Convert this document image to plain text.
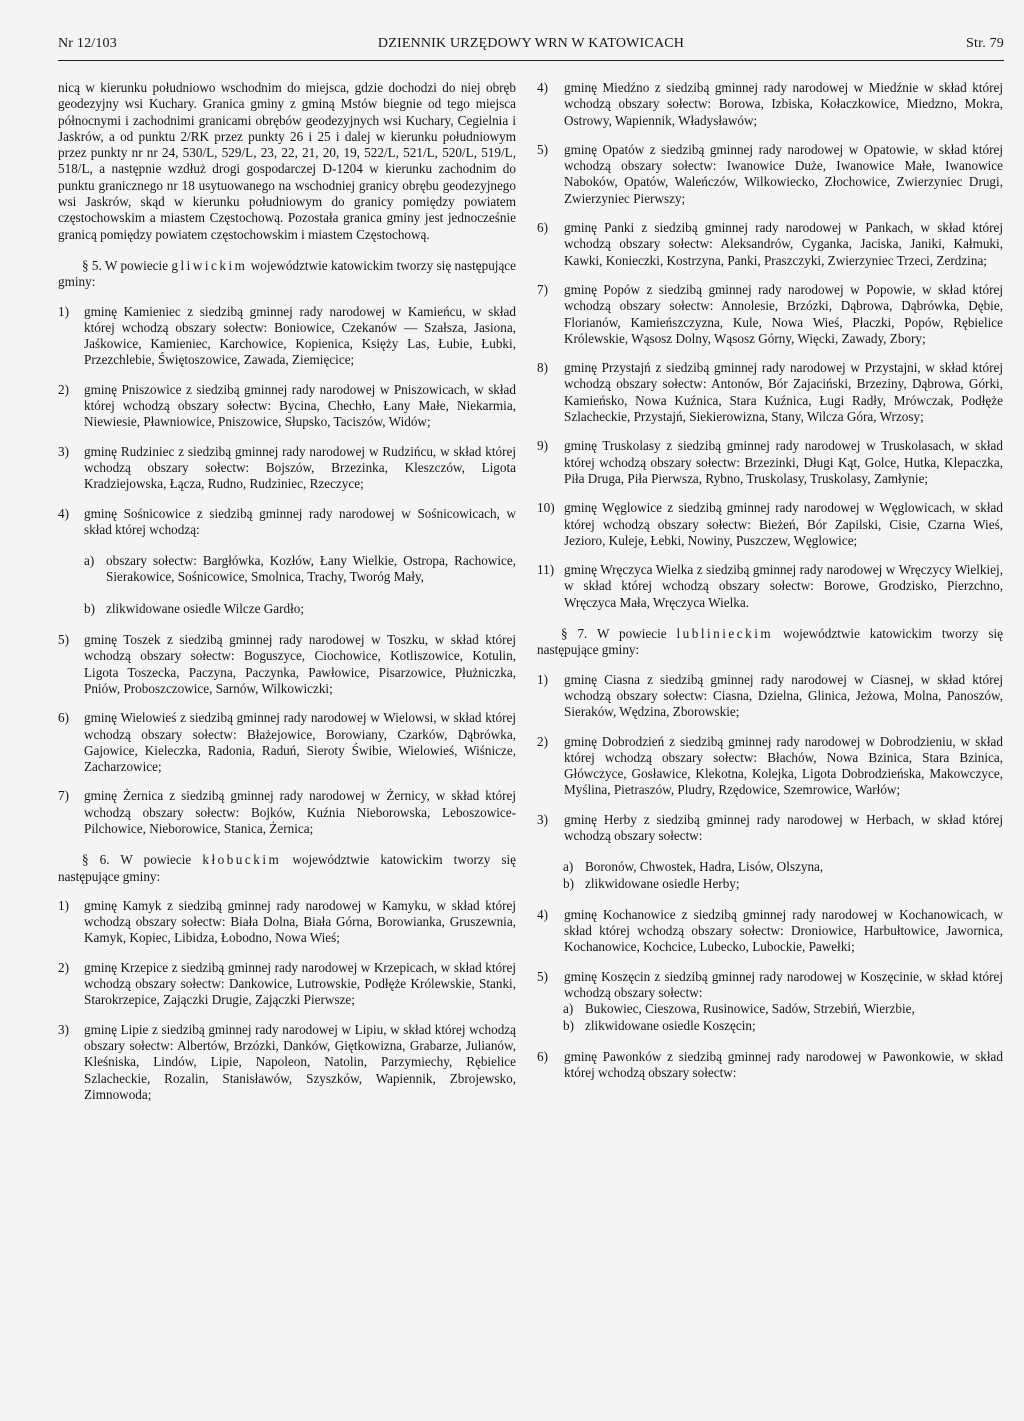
Nr 12/103	DZIENNIK URZĘDOWY WRN W KATOWICACH	Str. 79

nicą w kierunku południowo wschodnim do miejsca, gdzie dochodzi do niej obręb geodezyjny wsi Kuchary. Granica gminy z gminą Mstów biegnie od tego miejsca północnymi i zachodnimi granicami obrębów geodezyjnych wsi Kuchary, Cegielnia i Jaskrów, a od punktu 2/RK przez punkty 26 i 25 i dalej w kierunku południowym przez punkty nr nr 24, 530/L, 529/L, 23, 22, 21, 20, 19, 522/L, 521/L, 520/L, 519/L, 518/L, a następnie wzdłuż drogi gospodarczej D-1204 w kierunku zachodnim do punktu granicznego nr 18 usytuowanego na wschodniej granicy obrębu geodezyjnego wsi Jaskrów, skąd w kierunku południowym do granicy pomiędzy powiatem częstochowskim a miastem Częstochową. Pozostała granica gminy jest jednocześnie granicą pomiędzy powiatem częstochowskim i miastem Częstochową.

§ 5. W powiecie gliwickim województwie katowickim tworzy się następujące gminy:

1)	gminę Kamieniec z siedzibą gminnej rady narodowej w Kamieńcu, w skład której wchodzą obszary sołectw: Boniowice, Czekanów — Szałsza, Jasiona, Jaśkowice, Kamieniec, Karchowice, Kopienica, Księży Las, Łubie, Łubki, Przezchlebie, Świętoszowice, Zawada, Ziemięcice;
2)	gminę Pniszowice z siedzibą gminnej rady narodowej w Pniszowicach, w skład której wchodzą obszary sołectw: Bycina, Chechło, Łany Małe, Niekarmia, Niewiesie, Pławniowice, Pniszowice, Słupsko, Taciszów, Widów;
3)	gminę Rudziniec z siedzibą gminnej rady narodowej w Rudzińcu, w skład której wchodzą obszary sołectw: Bojszów, Brzezinka, Kleszczów, Ligota Kradziejowska, Łącza, Rudno, Rudziniec, Rzeczyce;
4)	gminę Sośnicowice z siedzibą gminnej rady narodowej w Sośnicowicach, w skład której wchodzą:
a) obszary sołectw: Bargłówka, Kozłów, Łany Wielkie, Ostropa, Rachowice, Sierakowice, Sośnicowice, Smolnica, Trachy, Tworóg Mały,
b) zlikwidowane osiedle Wilcze Gardło;
5)	gminę Toszek z siedzibą gminnej rady narodowej w Toszku, w skład której wchodzą obszary sołectw: Boguszyce, Ciochowice, Kotliszowice, Kotulin, Ligota Toszecka, Paczyna, Paczynka, Pawłowice, Pisarzowice, Płużniczka, Pniów, Proboszczowice, Sarnów, Wilkowiczki;
6)	gminę Wielowieś z siedzibą gminnej rady narodowej w Wielowsi, w skład której wchodzą obszary sołectw: Błażejowice, Borowiany, Czarków, Dąbrówka, Gajowice, Kieleczka, Radonia, Raduń, Sieroty Świbie, Wielowieś, Wiśnicze, Zacharzowice;
7)	gminę Żernica z siedzibą gminnej rady narodowej w Żernicy, w skład której wchodzą obszary sołectw: Bojków, Kuźnia Nieborowska, Leboszowice-Pilchowice, Nieborowice, Stanica, Żernica;

§ 6. W powiecie kłobuckim województwie katowickim tworzy się następujące gminy:

1)	gminę Kamyk z siedzibą gminnej rady narodowej w Kamyku, w skład której wchodzą obszary sołectw: Biała Dolna, Biała Górna, Borowianka, Gruszewnia, Kamyk, Kopiec, Libidza, Łobodno, Nowa Wieś;
2)	gminę Krzepice z siedzibą gminnej rady narodowej w Krzepicach, w skład której wchodzą obszary sołectw: Dankowice, Lutrowskie, Podłęże Królewskie, Stanki, Starokrzepice, Zajączki Drugie, Zajączki Pierwsze;
3)	gminę Lipie z siedzibą gminnej rady narodowej w Lipiu, w skład której wchodzą obszary sołectw: Albertów, Brzózki, Danków, Giętkowizna, Grabarze, Julianów, Kleśniska, Lindów, Lipie, Napoleon, Natolin, Parzymiechy, Rębielice Szlacheckie, Rozalin, Stanisławów, Szyszków, Wapiennik, Zbrojewsko, Zimnowoda;
4)	gminę Miedźno z siedzibą gminnej rady narodowej w Miedźnie w skład której wchodzą obszary sołectw: Borowa, Izbiska, Kołaczkowice, Miedzno, Mokra, Ostrowy, Wapiennik, Władysławów;
5)	gminę Opatów z siedzibą gminnej rady narodowej w Opatowie, w skład której wchodzą obszary sołectw: Iwanowice Duże, Iwanowice Małe, Iwanowice Naboków, Opatów, Waleńczów, Wilkowiecko, Złochowice, Zwierzyniec Drugi, Zwierzyniec Pierwszy;
6)	gminę Panki z siedzibą gminnej rady narodowej w Pankach, w skład której wchodzą obszary sołectw: Aleksandrów, Cyganka, Jaciska, Janiki, Kałmuki, Kawki, Konieczki, Kostrzyna, Panki, Praszczyki, Zwierzyniec Trzeci, Zerdzina;
7)	gminę Popów z siedzibą gminnej rady narodowej w Popowie, w skład której wchodzą obszary sołectw: Annolesie, Brzózki, Dąbrowa, Dąbrówka, Dębie, Florianów, Kamieńszczyzna, Kule, Nowa Wieś, Płaczki, Popów, Rębielice Królewskie, Wąsosz Dolny, Wąsosz Górny, Więcki, Zawady, Zbory;
8)	gminę Przystajń z siedzibą gminnej rady narodowej w Przystajni, w skład której wchodzą obszary sołectw: Antonów, Bór Zajaciński, Brzeziny, Dąbrowa, Górki, Kamieńsko, Nowa Kuźnica, Stara Kuźnica, Ługi Radły, Mrówczak, Podłęże Szlacheckie, Przystajń, Siekierowizna, Stany, Wilcza Góra, Wrzosy;
9)	gminę Truskolasy z siedzibą gminnej rady narodowej w Truskolasach, w skład której wchodzą obszary sołectw: Brzezinki, Długi Kąt, Golce, Hutka, Klepaczka, Piła Druga, Piła Pierwsza, Rybno, Truskolasy, Truskolasy, Zamłynie;
10) gminę Węglowice z siedzibą gminnej rady narodowej w Węglowicach, w skład której wchodzą obszary sołectw: Bieżeń, Bór Zapilski, Cisie, Czarna Wieś, Jezioro, Kuleje, Łebki, Nowiny, Puszczew, Węglowice;
11) gminę Wręczyca Wielka z siedzibą gminnej rady narodowej w Wręczycy Wielkiej, w skład której wchodzą obszary sołectw: Borowe, Grodzisko, Pierzchno, Wręczyca Mała, Wręczyca Wielka.

§ 7. W powiecie lublinieckim województwie katowickim tworzy się następujące gminy:

1)	gminę Ciasna z siedzibą gminnej rady narodowej w Ciasnej, w skład której wchodzą obszary sołectw: Ciasna, Dzielna, Glinica, Jeżowa, Molna, Panoszów, Sieraków, Wędzina, Zborowskie;
2)	gminę Dobrodzień z siedzibą gminnej rady narodowej w Dobrodzieniu, w skład której wchodzą obszary sołectw: Błachów, Nowa Bzinica, Stara Bzinica, Główczyce, Gosławice, Klekotna, Kolejka, Ligota Dobrodzieńska, Makowczyce, Myślina, Pietraszów, Pludry, Rzędowice, Szemrowice, Warłów;
3)	gminę Herby z siedzibą gminnej rady narodowej w Herbach, w skład której wchodzą obszary sołectw:
a) Boronów, Chwostek, Hadra, Lisów, Olszyna,
b) zlikwidowane osiedle Herby;
4)	gminę Kochanowice z siedzibą gminnej rady narodowej w Kochanowicach, w skład której wchodzą obszary sołectw: Droniowice, Harbułtowice, Jawornica, Kochanowice, Kochcice, Lubecko, Lubockie, Pawełki;
5)	gminę Koszęcin z siedzibą gminnej rady narodowej w Koszęcinie, w skład której wchodzą obszary sołectw:
a) Bukowiec, Cieszowa, Rusinowice, Sadów, Strzebiń, Wierzbie,
b) zlikwidowane osiedle Koszęcin;
6)	gminę Pawonków z siedzibą gminnej rady narodowej w Pawonkowie, w skład której wchodzą obszary sołectw:
